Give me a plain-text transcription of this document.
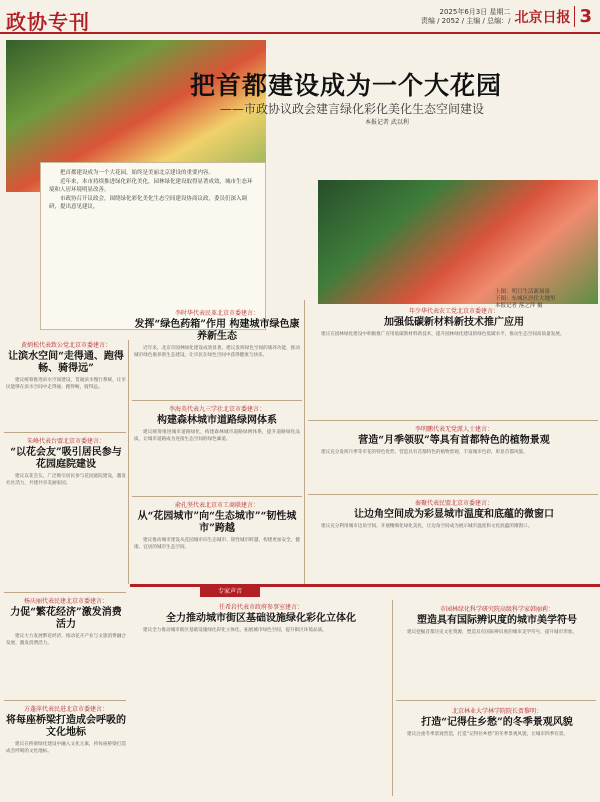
政协专刊	2025年6月3日 星期二
责编 / 2052 / 主编 / 总编：/ 北京日报 3
把首都建设成为一个大花园
——市政协议政会建言绿化彩化美化生态空间建设
本报记者 武以利

把首都建设成为一个大花园，始终是美丽北京建设的重要内容。

近年来，本市持续推进绿化彩化美化，园林绿化建设取得显著成效，城市生态环境和人居环境明显改善。

市政协召开议政会，围绕绿化彩化美化生态空间建设协商议政，委员们深入调研，提出意见建议。

上图：明日生活新场景
下图：东城区居住大地里
本报记者 落之萍 摄
李时华代表民革北京市委建言：
发挥“绿色药箱”作用 构建城市绿色康养新生态
近年来，北京市园林绿化建设成效显著。建议发挥绿色空间的康养功能，推动城市绿色康养新生态建设，让市民在绿色空间中获得健康与快乐。
年少华代表农工党北京市委建言：
加强低碳新材料新技术推广应用
建议在园林绿化建设中积极推广应用低碳新材料新技术，提升园林绿化建设的绿色低碳水平，推动生态空间高质量发展。
李海英代表九三学社北京市委建言：
构建森林城市道路绿网体系
建议统筹推进城市道路绿化，构建森林城市道路绿网体系，提升道路绿化品质，让城市道路成为连接生态空间的绿色廊道。
李明鹏代表无党派人士建言：
营造“月季领驭”等具有首都特色的植物景观
建议充分发挥月季等市花的特色优势，营造具有首都特色的植物景观，丰富城市色彩，彰显首都风貌。
俞孔坚代表北京市工商联建言：
从“花园城市”向“生态城市”“韧性城市”跨越
建议推动城市建设从花园城市向生态城市、韧性城市跨越，构建更加安全、健康、宜居的城市生态空间。
秦聚代表民盟北京市委建言：
让边角空间成为彩显城市温度和底蕴的微窗口
建议充分利用城市边角空间，开展精细化绿化美化，让边角空间成为展示城市温度和文化底蕴的微窗口。
黄炳松代表致公党北京市委建言：
让滨水空间“走得通、跑得畅、骑得远”
建议统筹推进滨水空间建设，贯通滨水慢行系统，让市民能够在滨水空间中走得通、跑得畅、骑得远。
朱峰代表台盟北京市委建言：
“以花会友”吸引居民参与花园庭院建设
建议以花会友，广泛吸引居民参与花园庭院建设，激发社区活力，共建共享美丽家园。
杨庆丽代表民建北京市委建言：
力促“繁花经济”激发消费活力
建议大力发展繁花经济，推动花卉产业与文旅消费融合发展，激发消费活力。
方蓬萍代表民进北京市委建言：
将每座桥梁打造成会呼吸的文化地标
建议在桥梁绿化建设中融入文化元素，将每座桥梁打造成会呼吸的文化地标。
专家声音
任希岩代表市政府参事室建言：
全力推动城市街区基础设施绿化彩化立体化
建议全力推动城市街区基础设施绿化彩化立体化，拓展城市绿色空间，提升街区环境品质。
市园林绿化科学研究院高级科学家韩丽莉：
塑造具有国际辨识度的城市美学符号
建议挖掘首都历史文化资源，塑造具有国际辨识度的城市美学符号，提升城市形象。
北京林业大学林学院院长贾黎明：
打造“记得住乡愁”的冬季景观风貌
建议注重冬季景观营造，打造“记得住乡愁”的冬季景观风貌，让城市四季有景。
